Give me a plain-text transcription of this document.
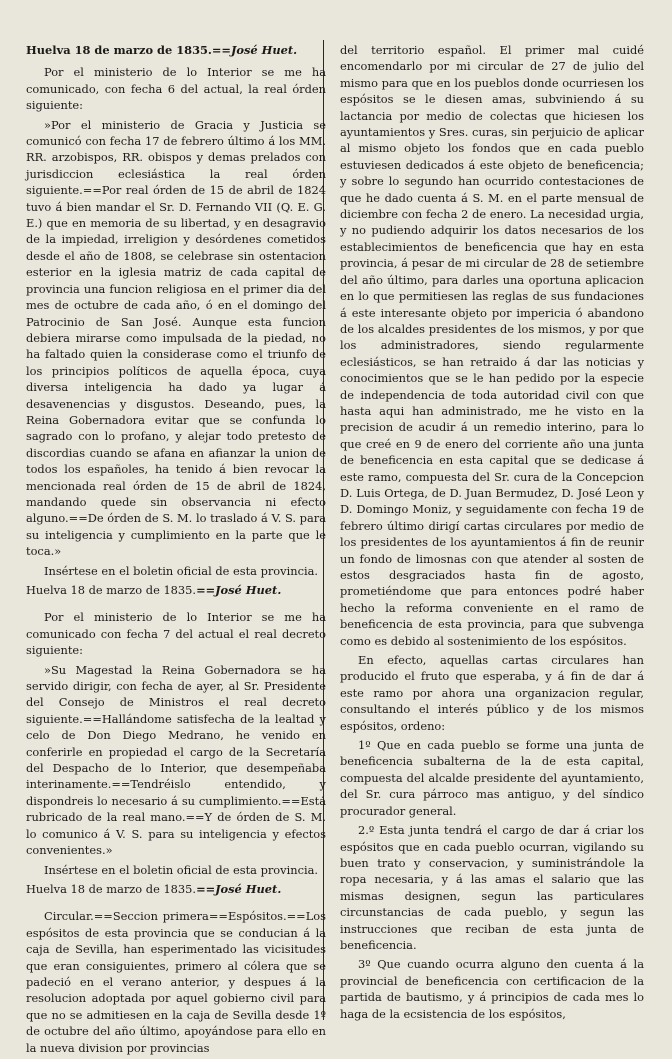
Huelva 18 de marzo de 1835.==José Huet.

Por el ministerio de lo Interior se me ha comunicado, con fecha 6 del actual, la real órden siguiente:

»Por el ministerio de Gracia y Justicia se comunicó con fecha 17 de febrero último á los MM. RR. arzobispos, RR. obispos y demas prelados con jurisdiccion eclesiástica la real órden siguiente.==Por real órden de 15 de abril de 1824 tuvo á bien mandar el Sr. D. Fernando VII (Q. E. G. E.) que en memoria de su libertad, y en desagravio de la impiedad, irreligion y desórdenes cometidos desde el año de 1808, se celebrase sin ostentacion esterior en la iglesia matriz de cada capital de provincia una funcion religiosa en el primer dia del mes de octubre de cada año, ó en el domingo del Patrocinio de San José. Aunque esta funcion debiera mirarse como impulsada de la piedad, no ha faltado quien la considerase como el triunfo de los principios políticos de aquella época, cuya diversa inteligencia ha dado ya lugar á desavenencias y disgustos. Deseando, pues, la Reina Gobernadora evitar que se confunda lo sagrado con lo profano, y alejar todo pretesto de discordias cuando se afana en afianzar la union de todos los españoles, ha tenido á bien revocar la mencionada real órden de 15 de abril de 1824, mandando quede sin observancia ni efecto alguno.==De órden de S. M. lo traslado á V. S. para su inteligencia y cumplimiento en la parte que le toca.»

Insértese en el boletin oficial de esta provincia.

Huelva 18 de marzo de 1835.==José Huet.

Por el ministerio de lo Interior se me ha comunicado con fecha 7 del actual el real decreto siguiente:

»Su Magestad la Reina Gobernadora se ha servido dirigir, con fecha de ayer, al Sr. Presidente del Consejo de Ministros el real decreto siguiente.==Hallándome satisfecha de la lealtad y celo de Don Diego Medrano, he venido en conferirle en propiedad el cargo de la Secretaría del Despacho de lo Interior, que desempeñaba interinamente.==Tendréislo entendido, y dispondreis lo necesario á su cumplimiento.==Está rubricado de la real mano.==Y de órden de S. M. lo comunico á V. S. para su inteligencia y efectos convenientes.»

Insértese en el boletin oficial de esta provincia.

Huelva 18 de marzo de 1835.==José Huet.

Circular.==Seccion primera==Espósitos.==Los espósitos de esta provincia que se conducian á la caja de Sevilla, han esperimentado las vicisitudes que eran consiguientes, primero al cólera que se padeció en el verano anterior, y despues á la resolucion adoptada por aquel gobierno civil para que no se admitiesen en la caja de Sevilla desde 1º de octubre del año último, apoyándose para ello en la nueva division por provincias

del territorio español. El primer mal cuidé encomendarlo por mi circular de 27 de julio del mismo para que en los pueblos donde ocurriesen los espósitos se le diesen amas, subviniendo á su lactancia por medio de colectas que hiciesen los ayuntamientos y Sres. curas, sin perjuicio de aplicar al mismo objeto los fondos que en cada pueblo estuviesen dedicados á este objeto de beneficencia; y sobre lo segundo han ocurrido contestaciones de que he dado cuenta á S. M. en el parte mensual de diciembre con fecha 2 de enero. La necesidad urgia, y no pudiendo adquirir los datos necesarios de los establecimientos de beneficencia que hay en esta provincia, á pesar de mi circular de 28 de setiembre del año último, para darles una oportuna aplicacion en lo que permitiesen las reglas de sus fundaciones á este interesante objeto por impericia ó abandono de los alcaldes presidentes de los mismos, y por que los administradores, siendo regularmente eclesiásticos, se han retraido á dar las noticias y conocimientos que se le han pedido por la especie de independencia de toda autoridad civil con que hasta aqui han administrado, me he visto en la precision de acudir á un remedio interino, para lo que creé en 9 de enero del corriente año una junta de beneficencia en esta capital que se dedicase á este ramo, compuesta del Sr. cura de la Concepcion D. Luis Ortega, de D. Juan Bermudez, D. José Leon y D. Domingo Moniz, y seguidamente con fecha 19 de febrero último dirigí cartas circulares por medio de los presidentes de los ayuntamientos á fin de reunir un fondo de limosnas con que atender al sosten de estos desgraciados hasta fin de agosto, prometiéndome que para entonces podré haber hecho la reforma conveniente en el ramo de beneficencia de esta provincia, para que subvenga como es debido al sostenimiento de los espósitos.

En efecto, aquellas cartas circulares han producido el fruto que esperaba, y á fin de dar á este ramo por ahora una organizacion regular, consultando el interés público y de los mismos espósitos, ordeno:

1º Que en cada pueblo se forme una junta de beneficencia subalterna de la de esta capital, compuesta del alcalde presidente del ayuntamiento, del Sr. cura párroco mas antiguo, y del síndico procurador general.

2.º Esta junta tendrá el cargo de dar á criar los espósitos que en cada pueblo ocurran, vigilando su buen trato y conservacion, y suministrándole la ropa necesaria, y á las amas el salario que las mismas designen, segun las particulares circunstancias de cada pueblo, y segun las instrucciones que reciban de esta junta de beneficencia.

3º Que cuando ocurra alguno den cuenta á la provincial de beneficencia con certificacion de la partida de bautismo, y á principios de cada mes lo haga de la ecsistencia de los espósitos,
